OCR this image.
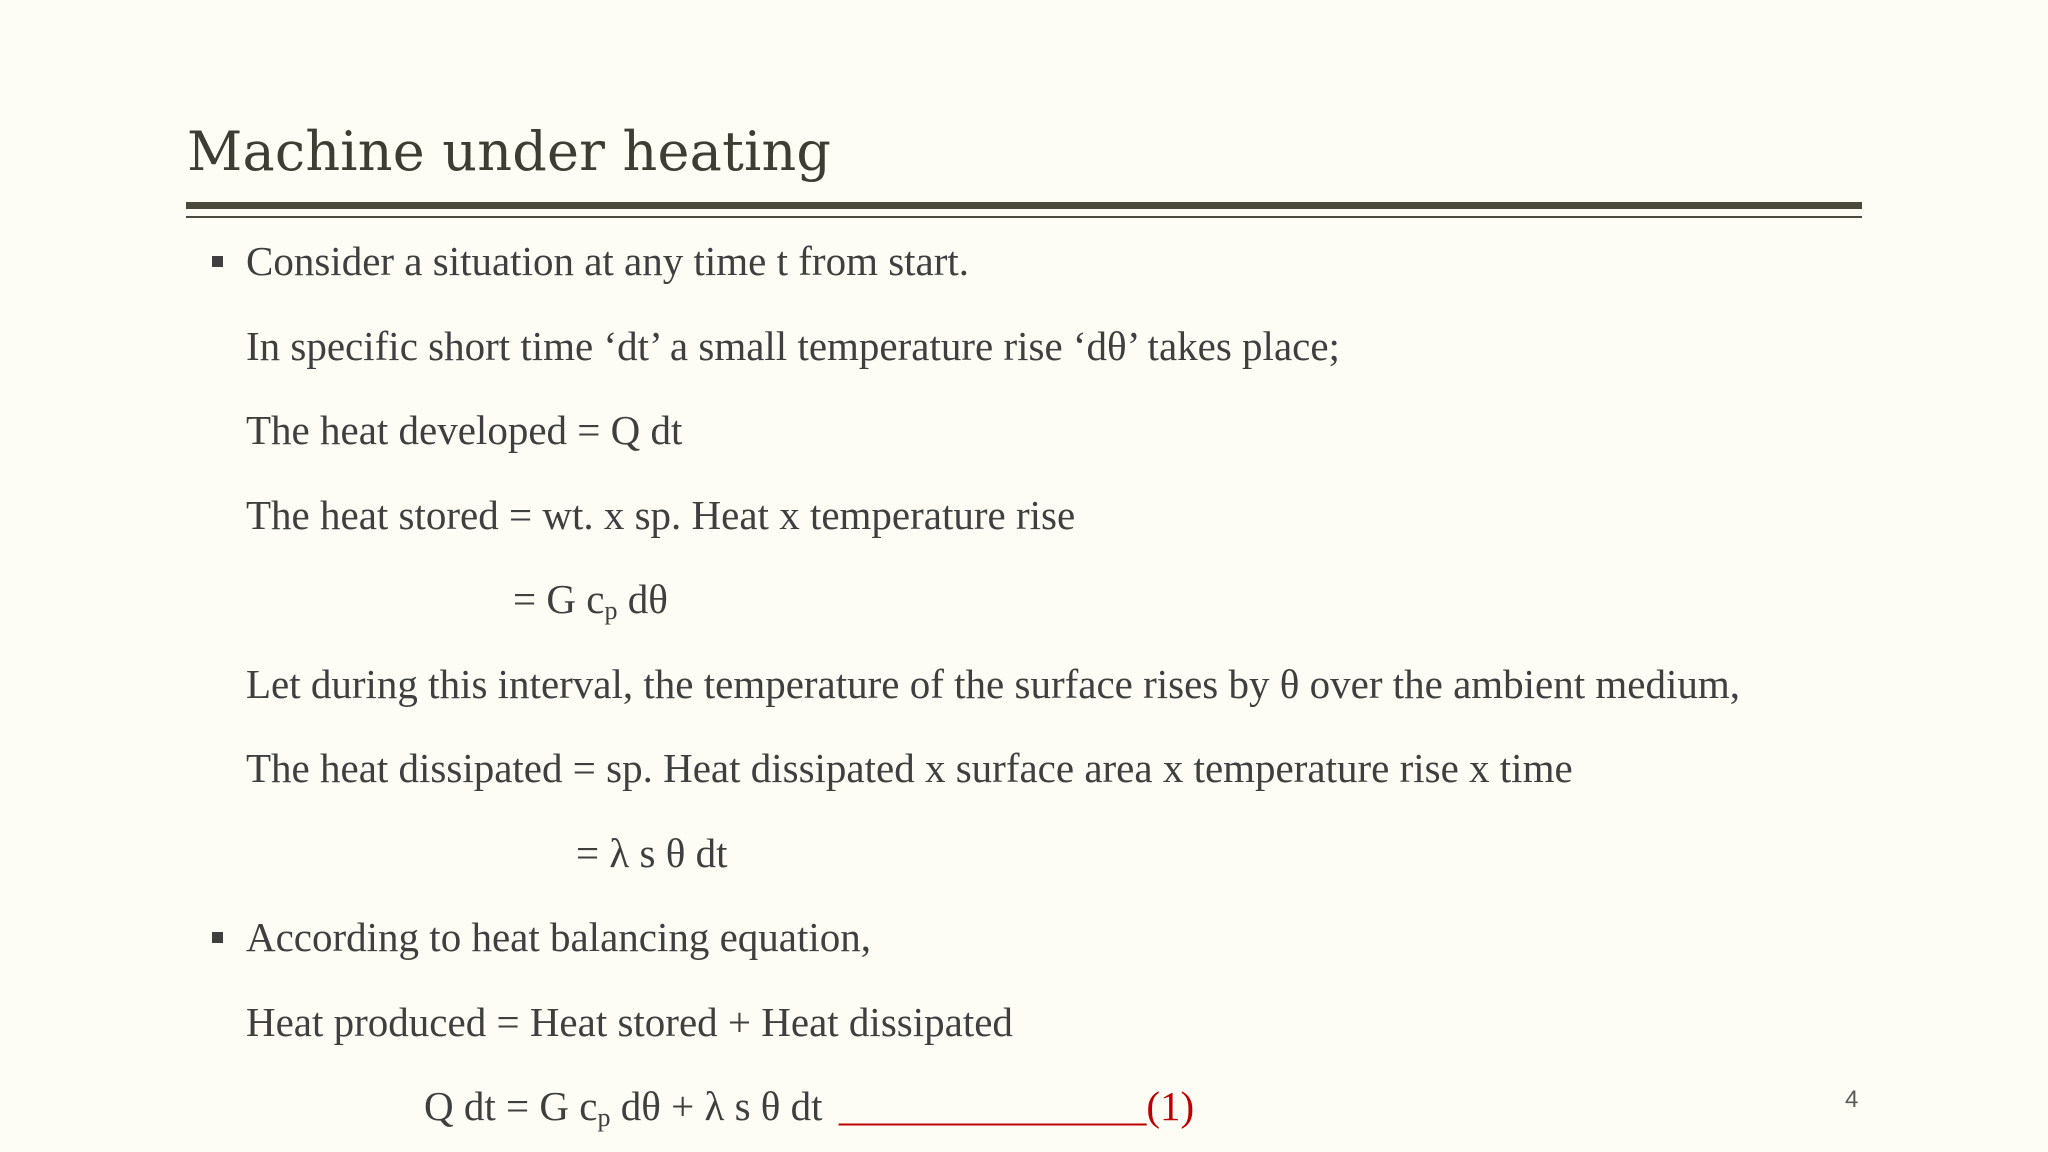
Machine under heating
Consider a situation at any time t from start.
In specific short time ‘dt’ a small temperature rise ‘dθ’ takes place;
The heat developed = Q dt
The heat stored = wt. x sp. Heat x temperature rise
= G $c_p$ dθ
Let during this interval, the temperature of the surface rises by θ over the ambient medium,
The heat dissipated = sp. Heat dissipated x surface area x temperature rise x time
= λ s θ dt
According to heat balancing equation,
Heat produced = Heat stored + Heat dissipated
Q dt = G $c_p$ dθ + λ s θ dt _______________(1)	4
